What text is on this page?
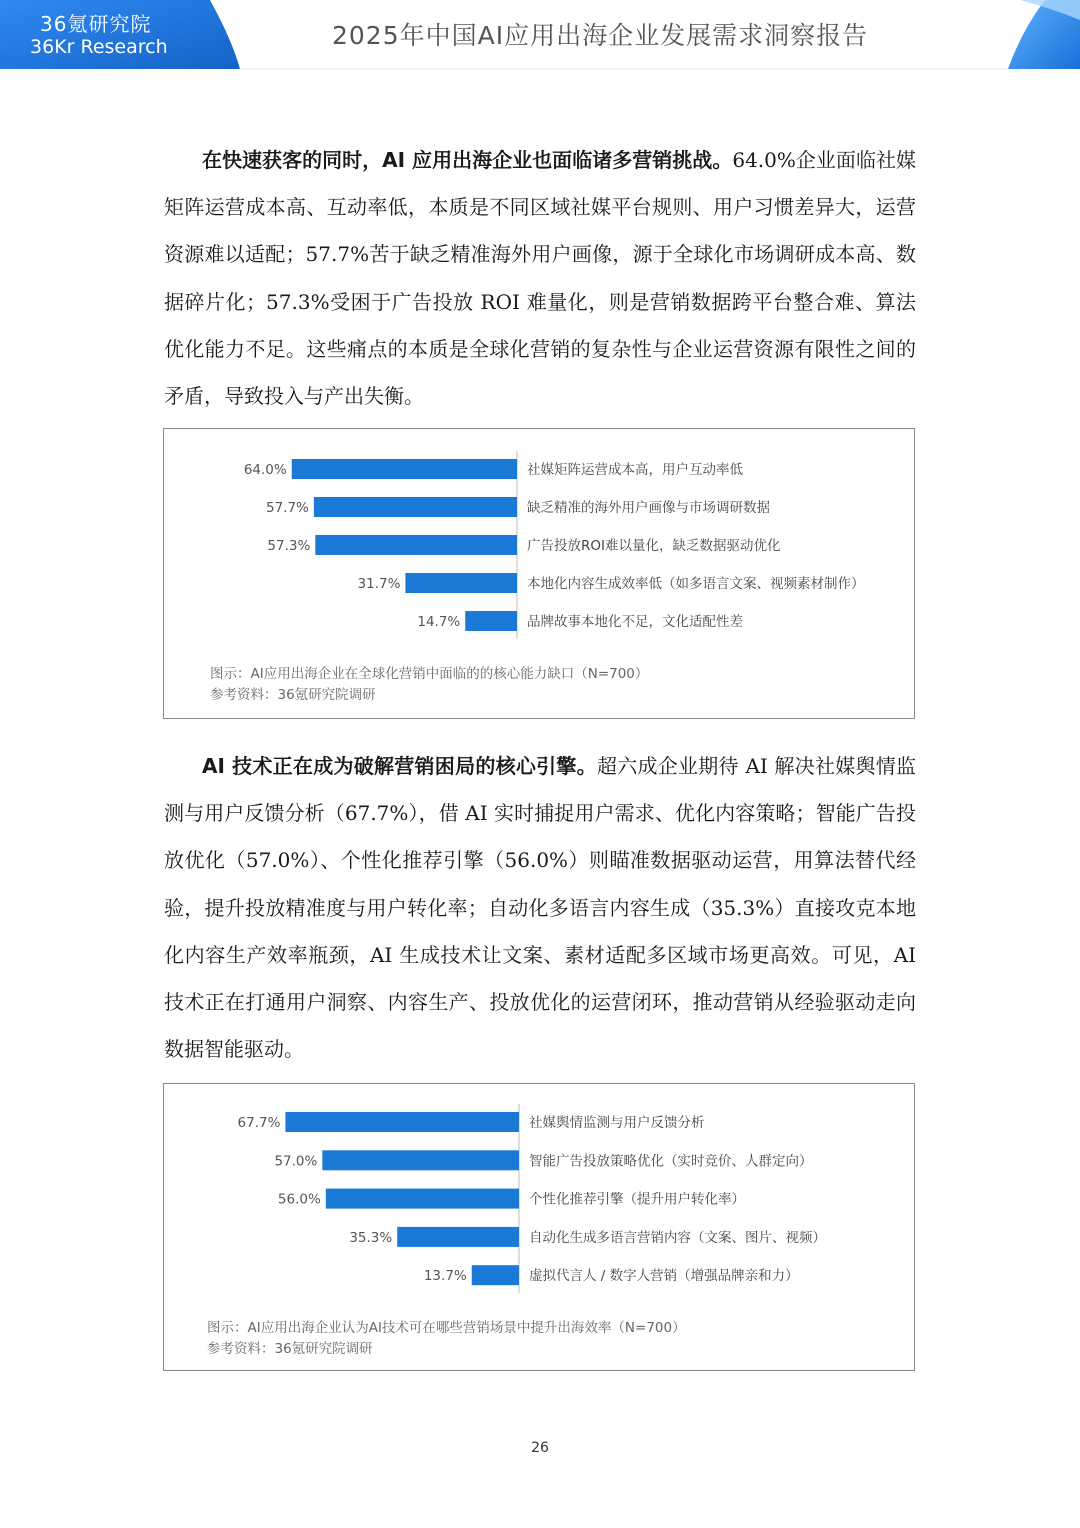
36氪研究院
36Kr Research	2025年中国AI应用出海企业发展需求洞察报告

在快速获客的同时，AI 应用出海企业也面临诸多营销挑战。64.0%企业面临社媒矩阵运营成本高、互动率低，本质是不同区域社媒平台规则、用户习惯差异大，运营资源难以适配；57.7%苦于缺乏精准海外用户画像，源于全球化市场调研成本高、数据碎片化；57.3%受困于广告投放 ROI 难量化，则是营销数据跨平台整合难、算法优化能力不足。这些痛点的本质是全球化营销的复杂性与企业运营资源有限性之间的矛盾，导致投入与产出失衡。

64.0%	社媒矩阵运营成本高，用户互动率低
57.7%	缺乏精准的海外用户画像与市场调研数据
57.3%	广告投放ROI难以量化，缺乏数据驱动优化
31.7%	本地化内容生成效率低（如多语言文案、视频素材制作）
14.7%	品牌故事本地化不足，文化适配性差
图示：AI应用出海企业在全球化营销中面临的的核心能力缺口（N=700）
参考资料：36氪研究院调研

AI 技术正在成为破解营销困局的核心引擎。超六成企业期待 AI 解决社媒舆情监测与用户反馈分析（67.7%），借 AI 实时捕捉用户需求、优化内容策略；智能广告投放优化（57.0%）、个性化推荐引擎（56.0%）则瞄准数据驱动运营，用算法替代经验，提升投放精准度与用户转化率；自动化多语言内容生成（35.3%）直接攻克本地化内容生产效率瓶颈，AI 生成技术让文案、素材适配多区域市场更高效。可见，AI 技术正在打通用户洞察、内容生产、投放优化的运营闭环，推动营销从经验驱动走向数据智能驱动。

67.7%	社媒舆情监测与用户反馈分析
57.0%	智能广告投放策略优化（实时竞价、人群定向）
56.0%	个性化推荐引擎（提升用户转化率）
35.3%	自动化生成多语言营销内容（文案、图片、视频）
13.7%	虚拟代言人 / 数字人营销（增强品牌亲和力）
图示：AI应用出海企业认为AI技术可在哪些营销场景中提升出海效率（N=700）
参考资料：36氪研究院调研
26
